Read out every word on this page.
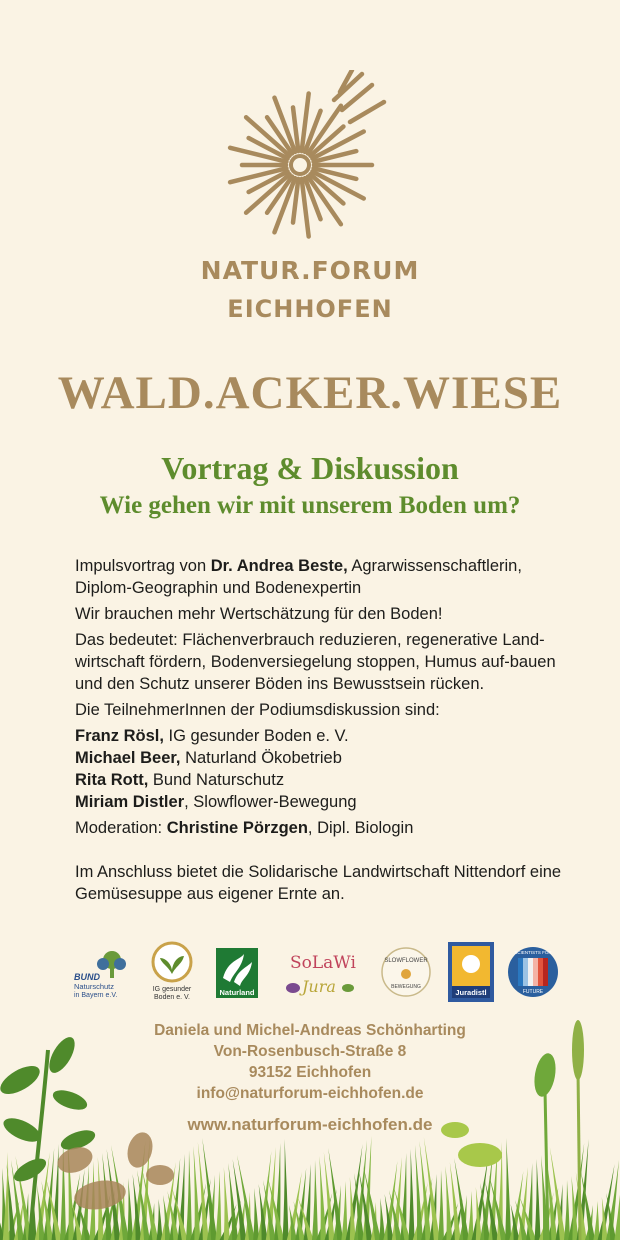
NATUR.FORUM
EICHHOFEN
WALD.ACKER.WIESE
Vortrag & Diskussion
Wie gehen wir mit unserem Boden um?

Impulsvortrag von Dr. Andrea Beste, Agrarwissenschaftlerin, Diplom-Geographin und Bodenexpertin

Wir brauchen mehr Wertschätzung für den Boden!

Das bedeutet: Flächenverbrauch reduzieren, regenerative Land-wirtschaft fördern, Bodenversiegelung stoppen, Humus auf-bauen und den Schutz unserer Böden ins Bewusstsein rücken.

Die TeilnehmerInnen der Podiumsdiskussion sind:

Franz Rösl, IG gesunder Boden e. V.
Michael Beer, Naturland Ökobetrieb
Rita Rott, Bund Naturschutz
Miriam Distler, Slowflower-Bewegung

Moderation: Christine Pörzgen, Dipl. Biologin

Im Anschluss bietet die Solidarische Landwirtschaft Nittendorf eine Gemüsesuppe aus eigener Ernte an.

BUND
Naturschutz
in Bayern e.V.
IG gesunder
Boden e. V.
Naturland
SoLaWi
Jura
SLOWFLOWER
BEWEGUNG
Juradistl
SCIENTISTS FOR
FUTURE
Daniela und Michel-Andreas Schönharting
Von-Rosenbusch-Straße 8
93152 Eichhofen
info@naturforum-eichhofen.de
www.naturforum-eichhofen.de
